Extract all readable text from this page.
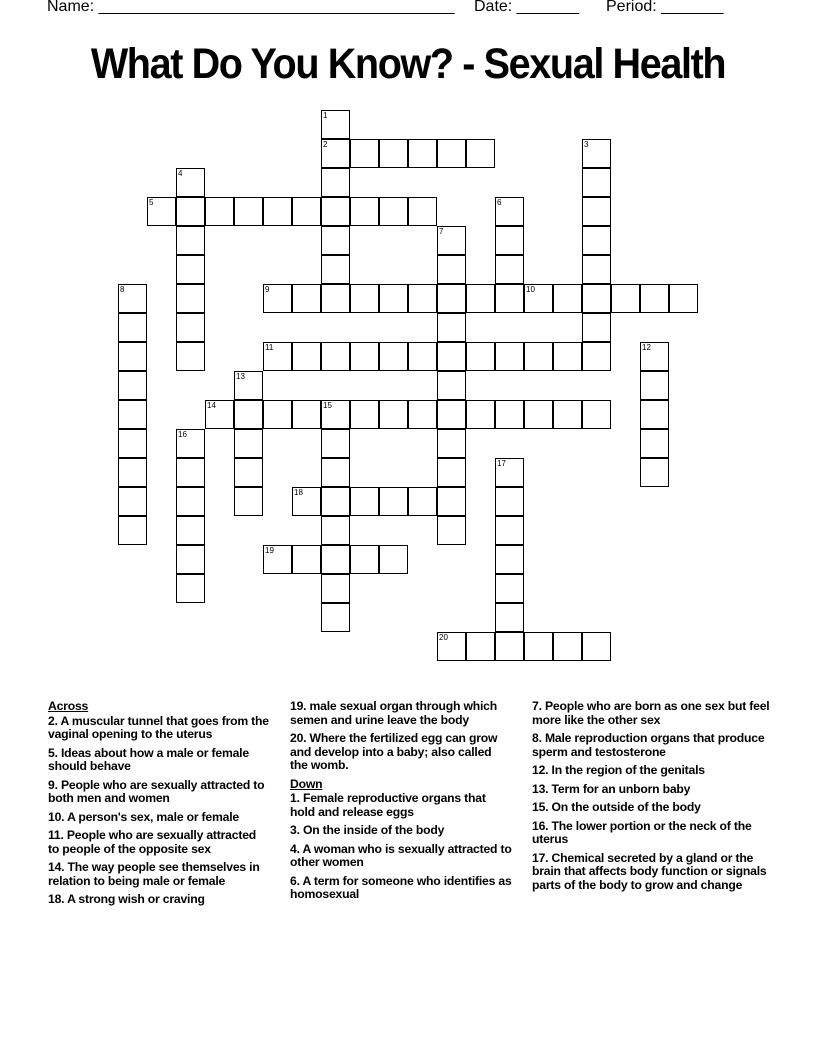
Name: ________________________________________ Date: _______ Period: _______
What Do You Know? - Sexual Health
1
2	3
4
5	6
7
8	9	10
11	12
13
14	15
16
17
18
19
20
Across
2. A muscular tunnel that goes from the vaginal opening to the uterus
5. Ideas about how a male or female should behave
9. People who are sexually attracted to both men and women
10. A person's sex, male or female
11. People who are sexually attracted to people of the opposite sex
14. The way people see themselves in relation to being male or female
18. A strong wish or craving
19. male sexual organ through which semen and urine leave the body
20. Where the fertilized egg can grow and develop into a baby; also called the womb.
Down
1. Female reproductive organs that hold and release eggs
3. On the inside of the body
4. A woman who is sexually attracted to other women
6. A term for someone who identifies as homosexual
7. People who are born as one sex but feel more like the other sex
8. Male reproduction organs that produce sperm and testosterone
12. In the region of the genitals
13. Term for an unborn baby
15. On the outside of the body
16. The lower portion or the neck of the uterus
17. Chemical secreted by a gland or the brain that affects body function or signals parts of the body to grow and change
